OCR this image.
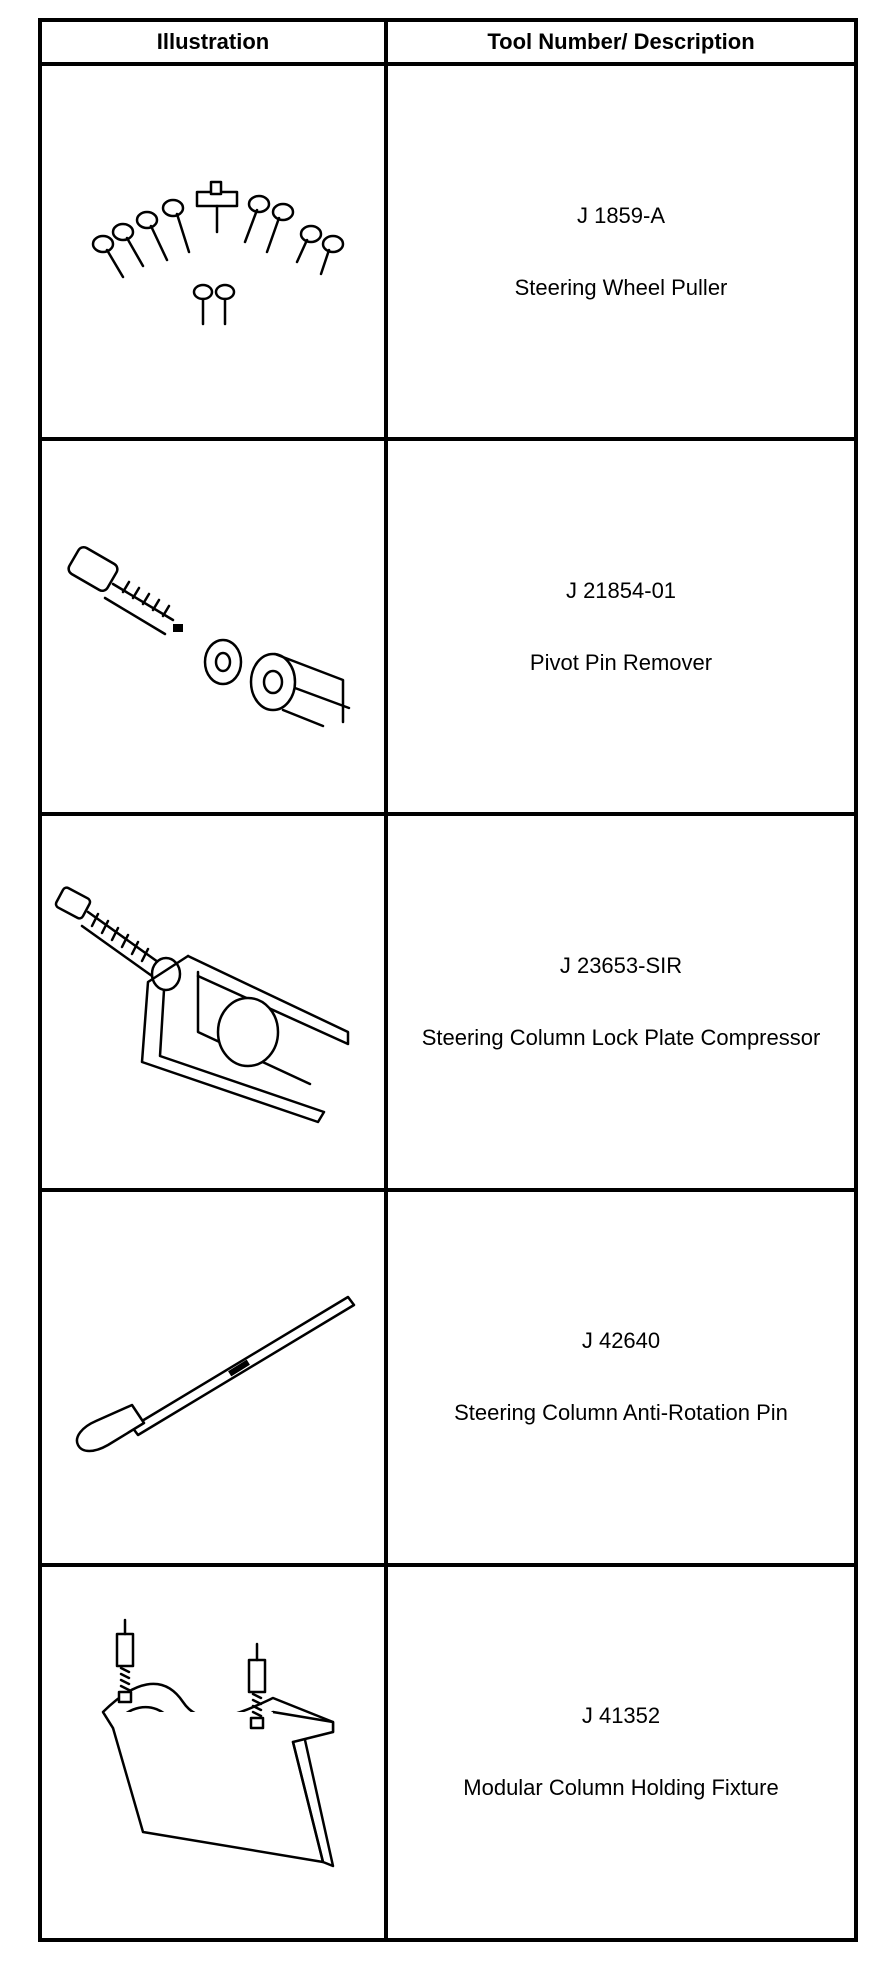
Illustration	Tool Number/ Description
J 1859-A
Steering Wheel Puller
J 21854-01
Pivot Pin Remover
J 23653-SIR
Steering Column Lock Plate Compressor
J 42640
Steering Column Anti-Rotation Pin
J 41352
Modular Column Holding Fixture
